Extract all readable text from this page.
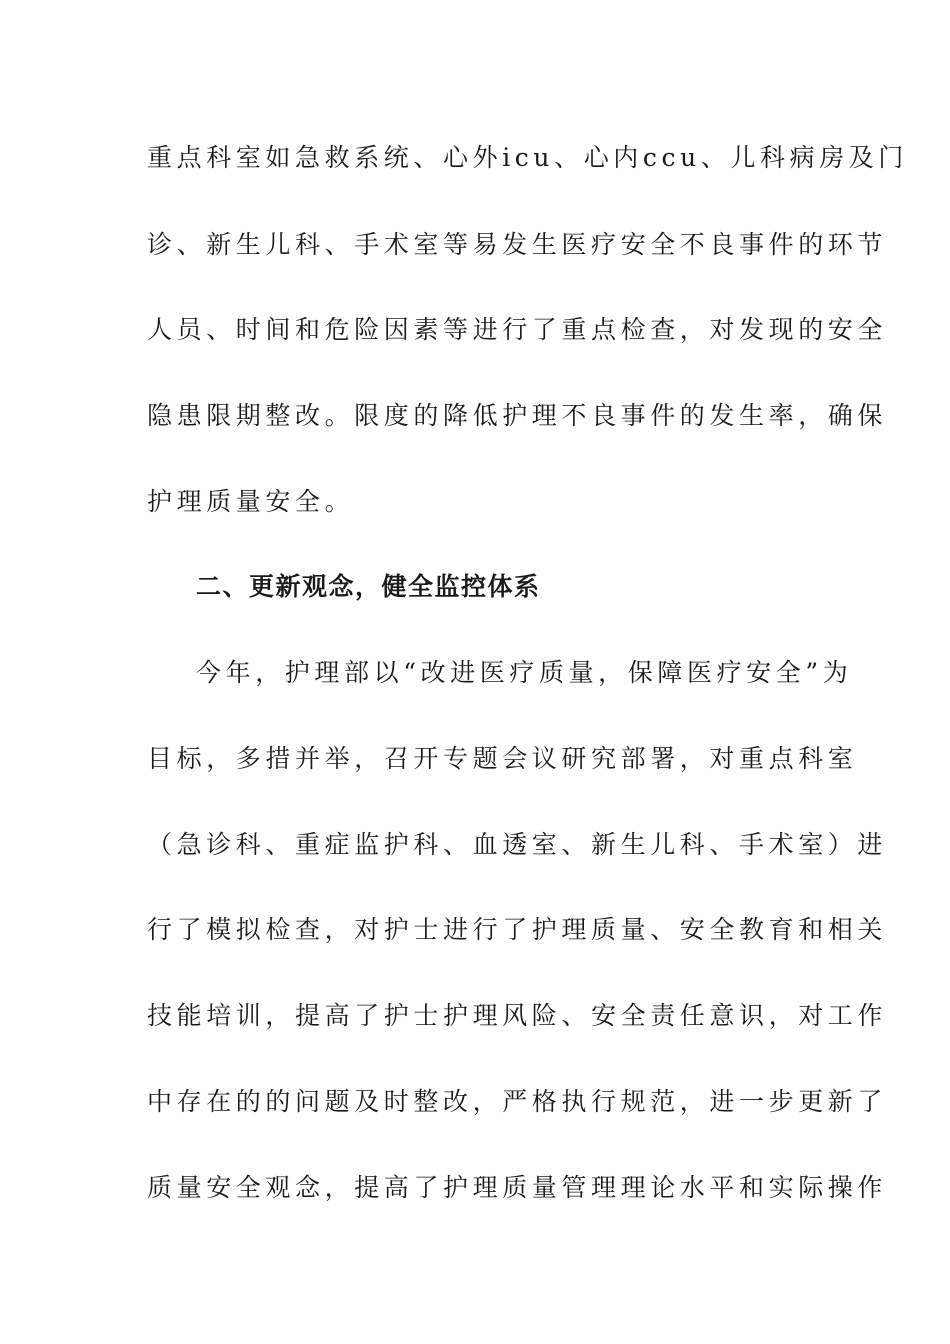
重点科室如急救系统、心外icu、心内ccu、儿科病房及门
诊、新生儿科、手术室等易发生医疗安全不良事件的环节
人员、时间和危险因素等进行了重点检查，对发现的安全
隐患限期整改。限度的降低护理不良事件的发生率，确保
护理质量安全。
二、更新观念，健全监控体系
今年，护理部以“改进医疗质量，保障医疗安全”为
目标，多措并举，召开专题会议研究部署，对重点科室
（急诊科、重症监护科、血透室、新生儿科、手术室）进
行了模拟检查，对护士进行了护理质量、安全教育和相关
技能培训，提高了护士护理风险、安全责任意识，对工作
中存在的的问题及时整改，严格执行规范，进一步更新了
质量安全观念，提高了护理质量管理理论水平和实际操作
